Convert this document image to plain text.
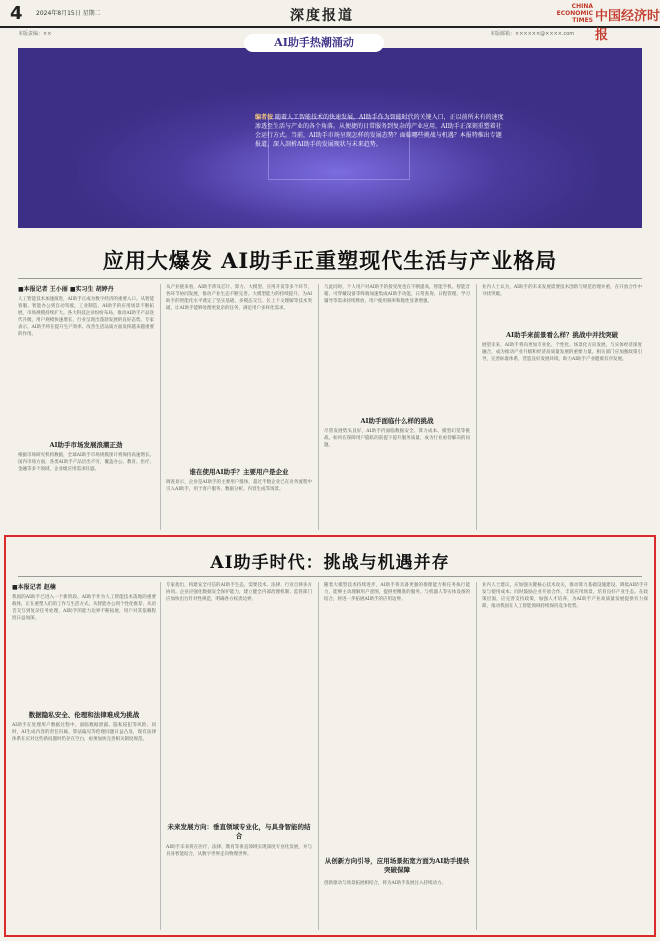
4 2024年8月15日 星期二	深度报道
CHINA ECONOMIC TIMES 中国经济时报
本版责编：××	本版邮箱：××××××@××××.com
AI助手热潮涌动
编者按 随着人工智能技术的快速发展，AI助手作为智能时代的关键入口，正以前所未有的速度渗透至生活与产业的各个角落。从便捷的日常服务到复杂的产业应用，AI助手正深刻重塑着社会运行方式。当前，AI助手市场呈现怎样的发展态势？面临哪些挑战与机遇？本报特推出专题报道，深入剖析AI助手的发展现状与未来趋势。
应用大爆发 AI助手正重塑现代生活与产业格局
■本报记者 王小丽 ■实习生 胡婷丹
人工智能技术加速演进，AI助手正成为数字经济的重要入口。从智能客服、智能办公到自动驾驶、工业制造，AI助手的应用场景不断拓展，市场规模持续扩大。各大科技企业纷纷布局，推动AI助手产品迭代升级，用户规模快速增长，行业呈现出蓬勃发展的良好态势。专家表示，AI助手将在提升生产效率、改善生活品质方面发挥越来越重要的作用。
AI助手市场发展浪潮正劲
根据市场研究机构数据，全球AI助手市场规模预计将保持高速增长。国内市场方面，各类AI助手产品层出不穷，覆盖办公、教育、医疗、金融等多个领域，企业级应用需求旺盛。
从产业链来看，AI助手涉及芯片、算力、大模型、应用开发等多个环节，各环节协同发展，推动产业生态不断完善。大模型能力的持续提升，为AI助手的智能化水平奠定了坚实基础，多模态交互、长上下文理解等技术突破，让AI助手能够处理更复杂的任务，满足用户多样化需求。
谁在使用AI助手？主要用户是企业
调查显示，企业是AI助手的主要用户群体，超过半数企业已在业务流程中引入AI助手，用于客户服务、数据分析、内容生成等场景。
与此同时，个人用户对AI助手的接受度也在不断提高，智能手机、智能音箱、可穿戴设备等终端加速集成AI助手功能，日常查询、日程管理、学习辅导等需求持续释放，用户使用频率和黏性显著增强。
AI助手面临什么样的挑战
尽管发展势头良好，AI助手仍面临数据安全、算力成本、模型幻觉等挑战。如何在保障用户隐私的前提下提升服务质量，成为行业亟待解决的问题。
AI助手来前景看么样？挑战中并找突破
业内人士认为，AI助手的未来发展需要技术创新与规范治理并重，在开放合作中寻找突破。
展望未来，AI助手将向更加专业化、个性化、场景化方向发展，与实体经济深度融合，成为推动产业升级和经济高质量发展的重要力量。相关部门应加强政策引导，完善标准体系，营造良好发展环境，助力AI助手产业健康有序发展。
AI助手时代：挑战与机遇并存
■本报记者 赵楠
我国的AI助手已进入一个新阶段。AI助手作为人工智能技术落地的重要载体，正在重塑人们的工作与生活方式。从智能办公到个性化推荐，从语音交互到复杂任务处理，AI助手的能力边界不断拓展，用户对其依赖程度日益加深。
数据隐私安全、伦理和法律难成为挑战
AI助手在处理用户数据过程中，面临数据泄露、隐私侵犯等风险。同时，AI生成内容的责任归属、算法偏见等伦理问题日益凸显，现有法律体系在应对这些新问题时仍存在空白，亟须加快完善相关制度规范。
专家指出，构建安全可信的AI助手生态，需要技术、法律、行业自律多方协同。企业应强化数据安全保护能力，建立健全内部治理机制；监管部门应加快出台针对性规范，明确各方权责边界。
未来发展方向：垂直领域专业化，与具身智能的结合
AI助手未来将在医疗、法律、教育等垂直领域实现深度专业化发展，并与具身智能结合，从数字世界走向物理世界。
随着大模型技术持续进步，AI助手将具备更强的推理能力和任务执行能力，能够主动理解用户意图，提供更精准的服务。与机器人等实体设备的结合，将进一步拓展AI助手的应用边界。
从创新方向引导，应用场景拓宽方面为AI助手提供突破保障
创新驱动与场景拓展相结合，将为AI助手发展注入持续动力。
业内人士建议，应加强关键核心技术攻关，推动算力基础设施建设，降低AI助手开发与使用成本；同时鼓励企业开放合作，丰富应用场景，培育良好产业生态。在政策层面，应完善支持政策，加强人才培养，为AI助手产业高质量发展提供有力保障，推动我国在人工智能领域持续保持竞争优势。
